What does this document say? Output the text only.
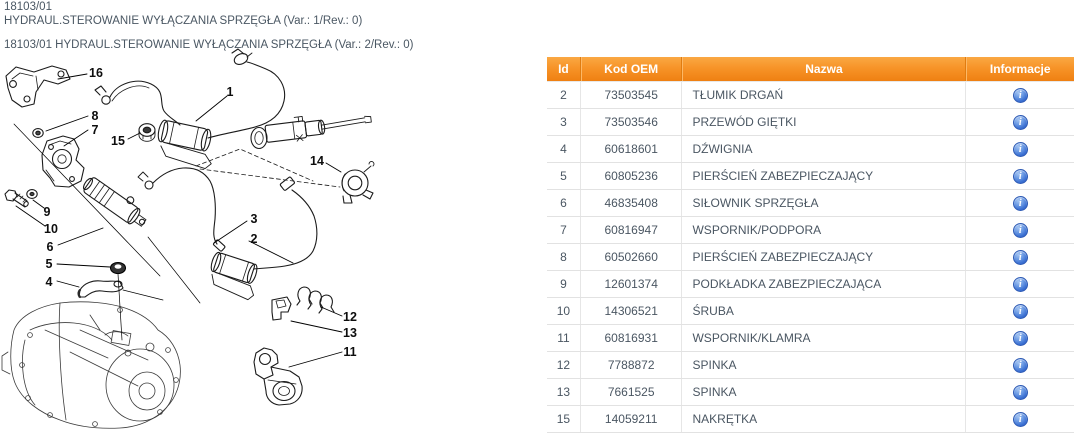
18103/01
HYDRAUL.STEROWANIE WYŁĄCZANIA SPRZĘGŁA (Var.: 1/Rev.: 0)
18103/01 HYDRAUL.STEROWANIE WYŁĄCZANIA SPRZĘGŁA (Var.: 2/Rev.: 0)
16
8
7
15
1
14
9
10
6
5
4
3
2
12
13
11
Id	Kod OEM	Nazwa	Informacje
2	73503545	TŁUMIK DRGAŃ	i
3	73503546	PRZEWÓD GIĘTKI	i
4	60618601	DŹWIGNIA	i
5	60805236	PIERŚCIEŃ ZABEZPIECZAJĄCY	i
6	46835408	SIŁOWNIK SPRZĘGŁA	i
7	60816947	WSPORNIK/PODPORA	i
8	60502660	PIERŚCIEŃ ZABEZPIECZAJĄCY	i
9	12601374	PODKŁADKA ZABEZPIECZAJĄCA	i
10	14306521	ŚRUBA	i
11	60816931	WSPORNIK/KLAMRA	i
12	7788872	SPINKA	i
13	7661525	SPINKA	i
15	14059211	NAKRĘTKA	i
